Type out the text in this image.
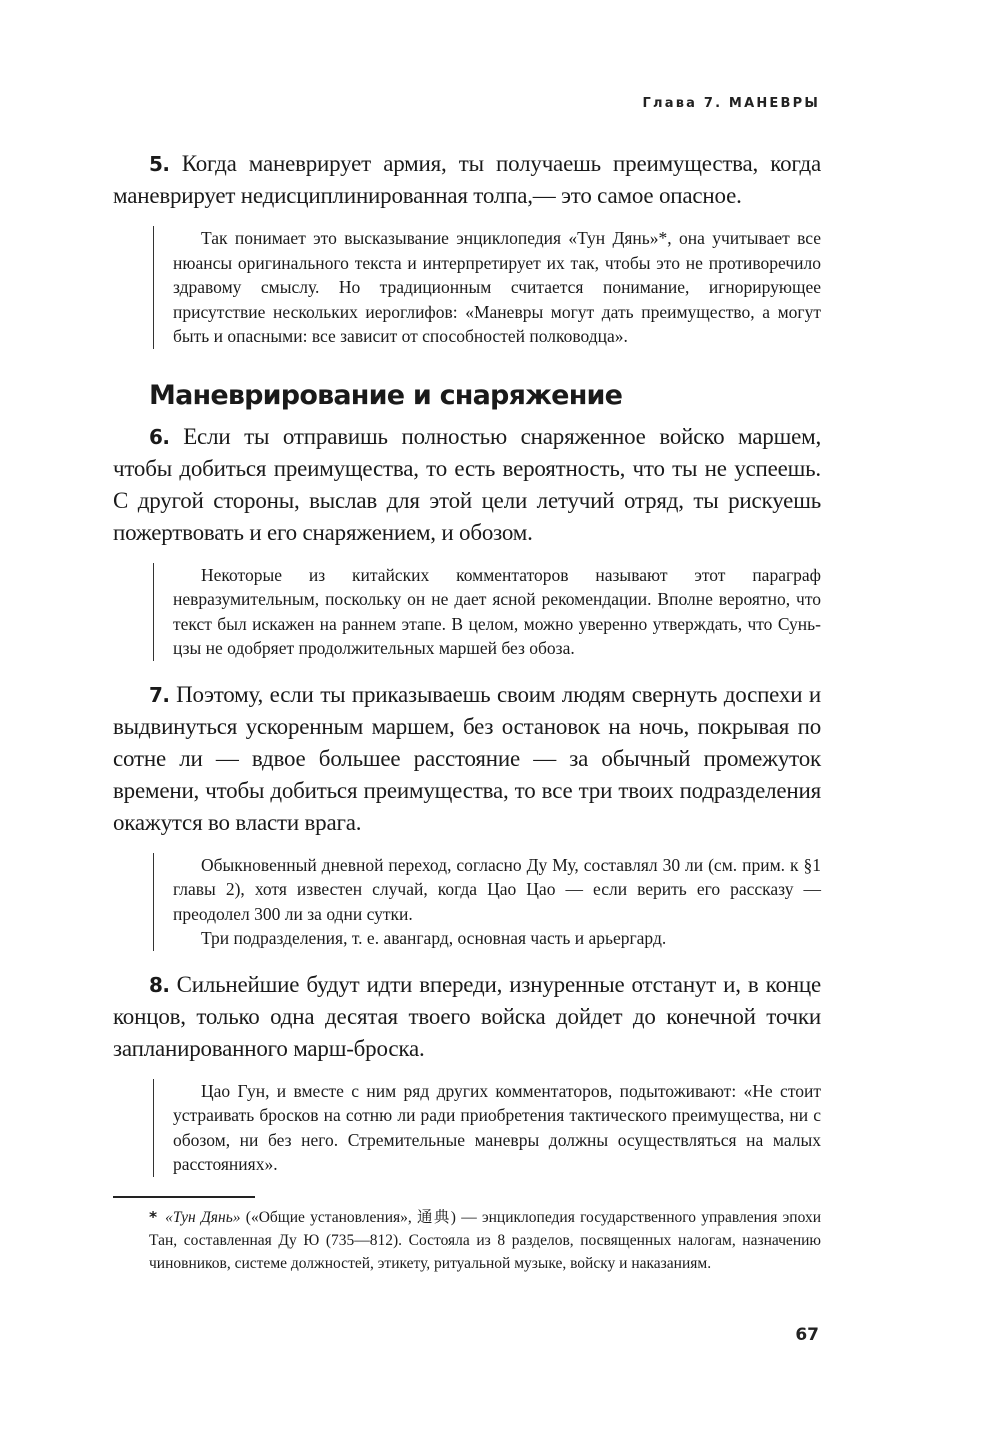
Глава 7. МАНЕВРЫ

5. Когда маневрирует армия, ты получаешь преимущества, когда маневрирует недисциплинированная толпа,— это самое опасное.

Так понимает это высказывание энциклопедия «Тун Дянь»*, она учитывает все нюансы оригинального текста и интерпретирует их так, чтобы это не противоречило здравому смыслу. Но традиционным считается понимание, игнорирующее присутствие нескольких иероглифов: «Маневры могут дать преимущество, а могут быть и опасными: все зависит от способностей полководца».

Маневрирование и снаряжение

6. Если ты отправишь полностью снаряженное войско маршем, чтобы добиться преимущества, то есть вероятность, что ты не успеешь. С другой стороны, выслав для этой цели летучий отряд, ты рискуешь пожертвовать и его снаряжением, и обозом.

Некоторые из китайских комментаторов называют этот параграф невразумительным, поскольку он не дает ясной рекомендации. Вполне вероятно, что текст был искажен на раннем этапе. В целом, можно уверенно утверждать, что Сунь-цзы не одобряет продолжительных маршей без обоза.

7. Поэтому, если ты приказываешь своим людям свернуть доспехи и выдвинуться ускоренным маршем, без остановок на ночь, покрывая по сотне ли — вдвое большее расстояние — за обычный промежуток времени, чтобы добиться преимущества, то все три твоих подразделения окажутся во власти врага.

Обыкновенный дневной переход, согласно Ду Му, составлял 30 ли (см. прим. к §1 главы 2), хотя известен случай, когда Цао Цао — если верить его рассказу — преодолел 300 ли за одни сутки.

Три подразделения, т. е. авангард, основная часть и арьергард.

8. Сильнейшие будут идти впереди, изнуренные отстанут и, в конце концов, только одна десятая твоего войска дойдет до конечной точки запланированного марш-броска.

Цао Гун, и вместе с ним ряд других комментаторов, подытоживают: «Не стоит устраивать бросков на сотню ли ради приобретения тактического преимущества, ни с обозом, ни без него. Стремительные маневры должны осуществляться на малых расстояниях».

* «Тун Дянь» («Общие установления», 通典) — энциклопедия государственного управления эпохи Тан, составленная Ду Ю (735—812). Состояла из 8 разделов, посвященных налогам, назначению чиновников, системе должностей, этикету, ритуальной музыке, войску и наказаниям.
67
